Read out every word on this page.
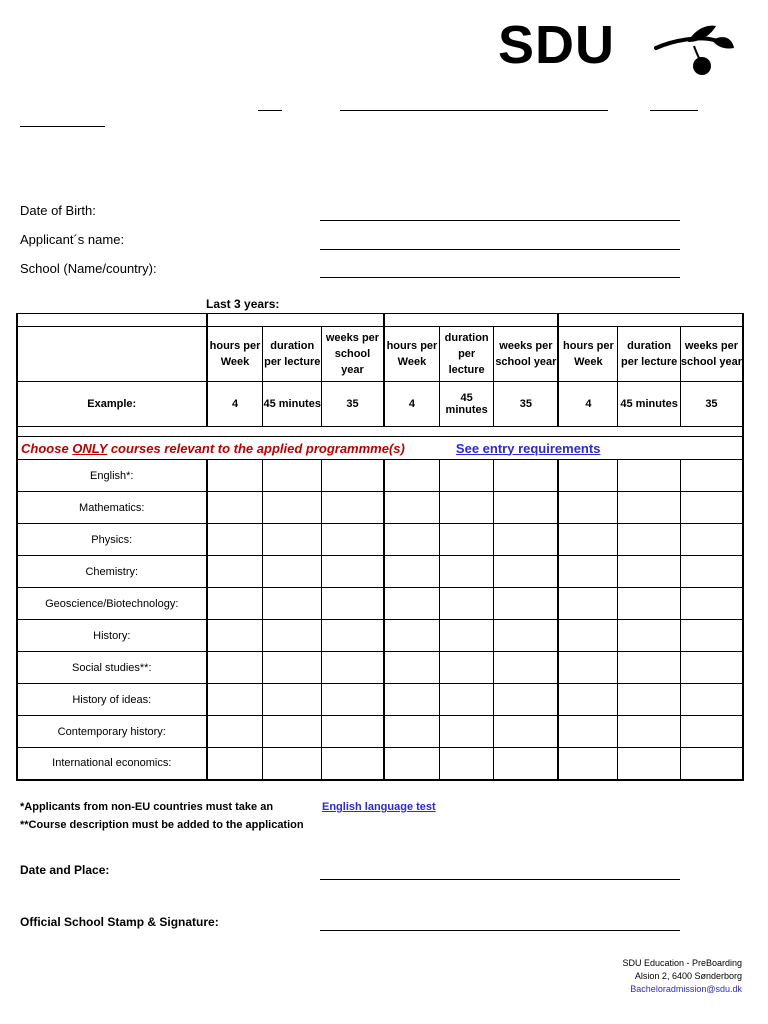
SDU
Date of Birth:
Applicant´s name:
School (Name/country):
Last 3 years:

	hours per Week	duration per lecture	weeks per school year	hours per Week	duration per lecture	weeks per school year	hours per Week	duration per lecture	weeks per school year
Example:	4	45 minutes	35	4	45 minutes	35	4	45 minutes	35

Choose ONLY courses relevant to the applied programmme(s) See entry requirements									
English*:									
Mathematics:									
Physics:									
Chemistry:									
Geoscience/Biotechnology:									
History:									
Social studies**:									
History of ideas:									
Contemporary history:									
International economics:									
*Applicants from non-EU countries must take an	English language test
**Course description must be added to the application
Date and Place:
Official School Stamp & Signature:
SDU Education - PreBoarding
Alsion 2, 6400 Sønderborg
Bacheloradmission@sdu.dk
